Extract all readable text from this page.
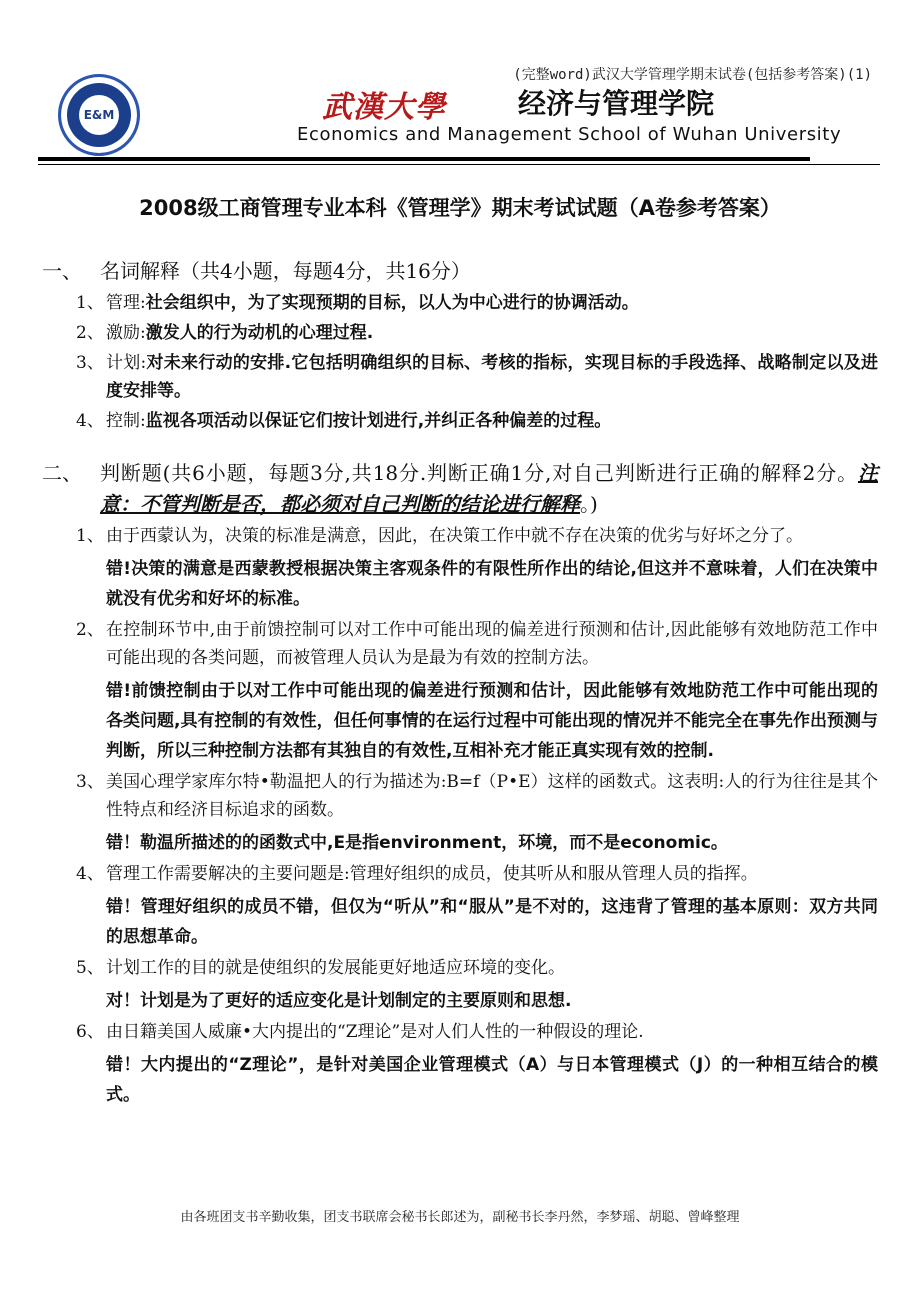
(完整word)武汉大学管理学期末试卷(包括参考答案)(1)
E&M	武漢大學	经济与管理学院
Economics and Management School of Wuhan University
2008级工商管理专业本科《管理学》期末考试试题（A卷参考答案）
一、 名词解释（共4小题，每题4分，共16分）
1、 管理:社会组织中，为了实现预期的目标，以人为中心进行的协调活动。
2、 激励:激发人的行为动机的心理过程.
3、 计划:对未来行动的安排.它包括明确组织的目标、考核的指标，实现目标的手段选择、战略制定以及进度安排等。
4、 控制:监视各项活动以保证它们按计划进行,并纠正各种偏差的过程。
二、 判断题(共6小题，每题3分,共18分.判断正确1分,对自己判断进行正确的解释2分。注意：不管判断是否，都必须对自己判断的结论进行解释。)
1、 由于西蒙认为，决策的标准是满意，因此，在决策工作中就不存在决策的优劣与好坏之分了。
错!决策的满意是西蒙教授根据决策主客观条件的有限性所作出的结论,但这并不意味着，人们在决策中就没有优劣和好坏的标准。
2、 在控制环节中,由于前馈控制可以对工作中可能出现的偏差进行预测和估计,因此能够有效地防范工作中可能出现的各类问题，而被管理人员认为是最为有效的控制方法。
错!前馈控制由于以对工作中可能出现的偏差进行预测和估计，因此能够有效地防范工作中可能出现的各类问题,具有控制的有效性，但任何事情的在运行过程中可能出现的情况并不能完全在事先作出预测与判断，所以三种控制方法都有其独自的有效性,互相补充才能正真实现有效的控制.
3、 美国心理学家库尔特•勒温把人的行为描述为:B=f（P•E）这样的函数式。这表明:人的行为往往是其个性特点和经济目标追求的函数。
错！勒温所描述的的函数式中,E是指environment，环境，而不是economic。
4、 管理工作需要解决的主要问题是:管理好组织的成员，使其听从和服从管理人员的指挥。
错！管理好组织的成员不错，但仅为“听从”和“服从”是不对的，这违背了管理的基本原则：双方共同的思想革命。
5、 计划工作的目的就是使组织的发展能更好地适应环境的变化。
对！计划是为了更好的适应变化是计划制定的主要原则和思想.
6、 由日籍美国人威廉•大内提出的“Z理论”是对人们人性的一种假设的理论.
错！大内提出的“Z理论”，是针对美国企业管理模式（A）与日本管理模式（J）的一种相互结合的模式。
由各班团支书辛勤收集，团支书联席会秘书长郎述为，副秘书长李丹然，李梦瑶、胡聪、曾峰整理
